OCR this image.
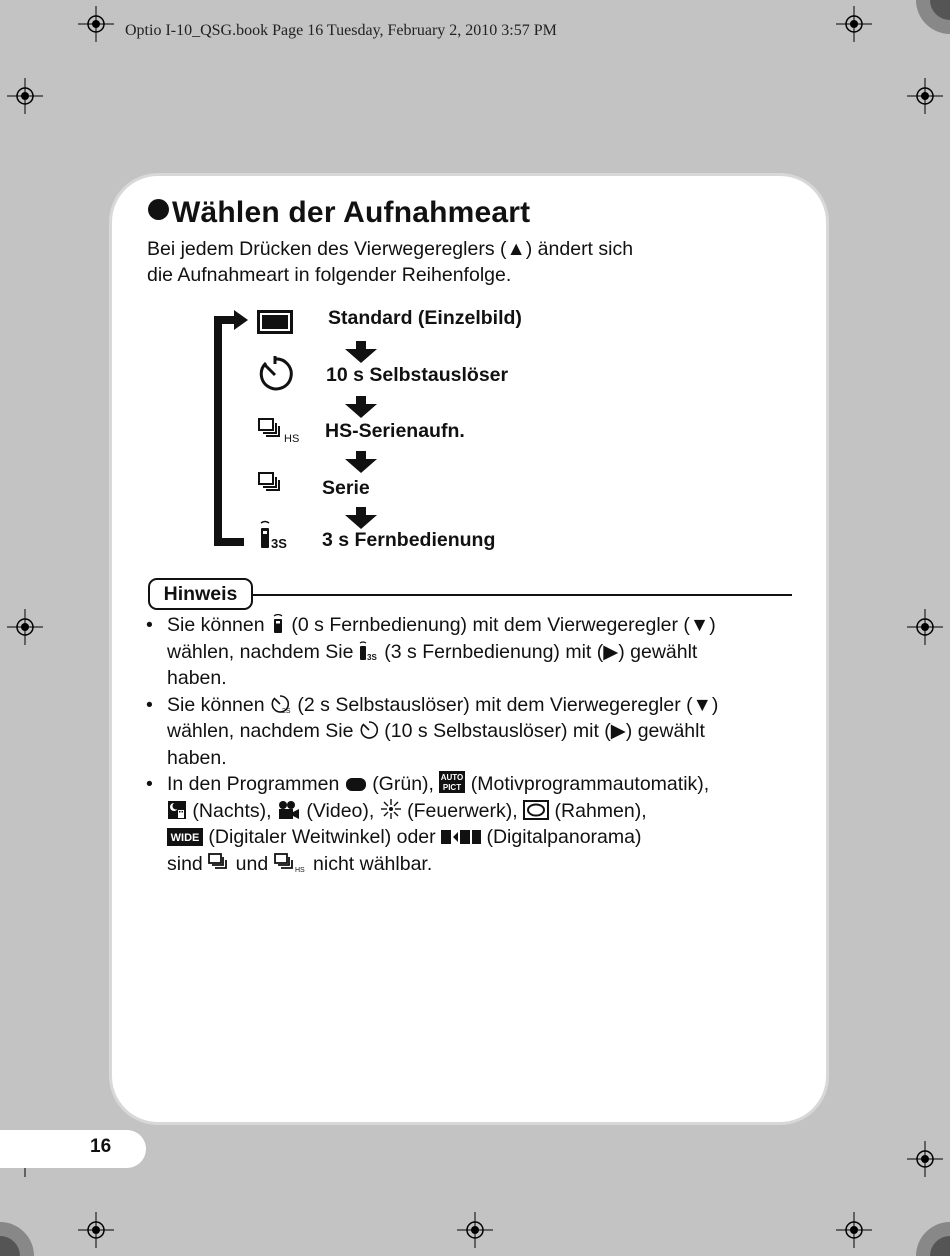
Optio I-10_QSG.book Page 16 Tuesday, February 2, 2010 3:57 PM
Wählen der Aufnahmeart
Bei jedem Drücken des Vierwegereglers (▲) ändert sich
die Aufnahmeart in folgender Reihenfolge.
HS
3S
Standard (Einzelbild)
10 s Selbstauslöser
HS-Serienaufn.
Serie
3 s Fernbedienung
Hinweis
• Sie können (0 s Fernbedienung) mit dem Vierwegeregler (▼)
wählen, nachdem Sie 3S (3 s Fernbedienung) mit (▶) gewählt
haben.
• Sie können 2S (2 s Selbstauslöser) mit dem Vierwegeregler (▼)
wählen, nachdem Sie (10 s Selbstauslöser) mit (▶) gewählt
haben.
• In den Programmen (Grün), AUTO
PICT (Motivprogrammautomatik),
(Nachts), (Video), (Feuerwerk), (Rahmen),

WIDE (Digitaler Weitwinkel) oder	(Digitalpanorama)
sind und	HS nicht wählbar.
16
